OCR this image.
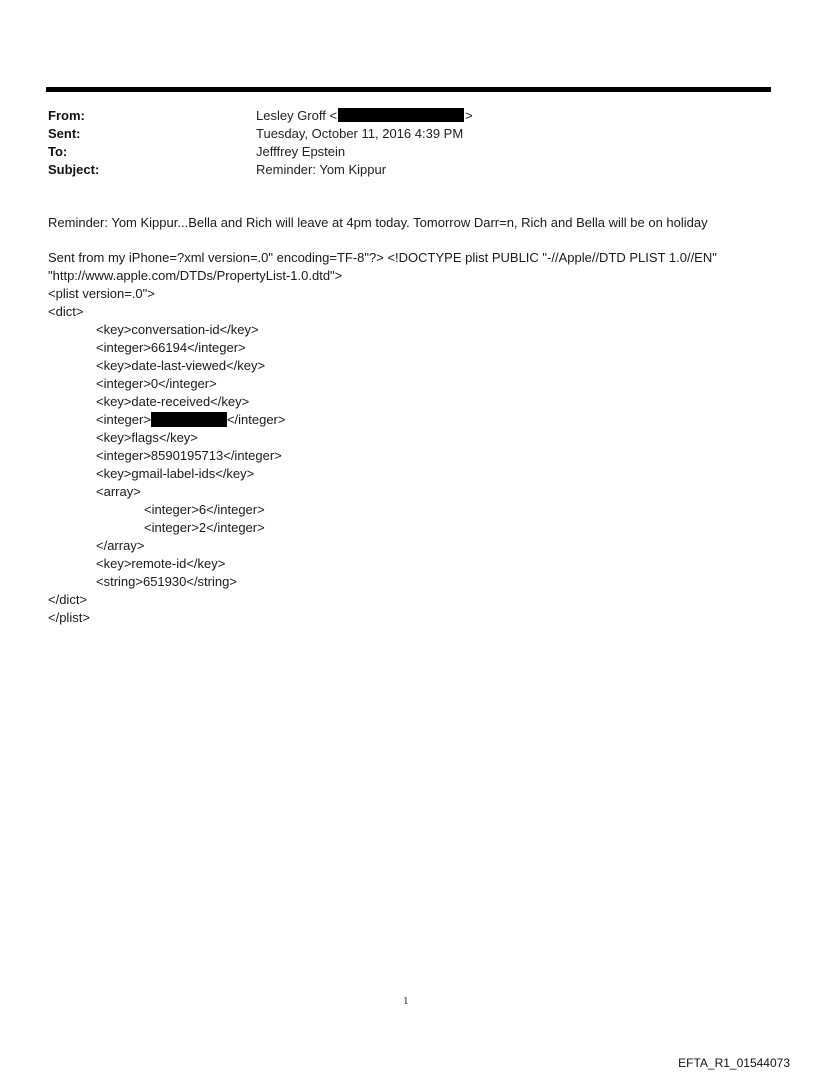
From:	Lesley Groff <	>
Sent:	Tuesday, October 11, 2016 4:39 PM
To:	Jefffrey Epstein
Subject:	Reminder: Yom Kippur
Reminder: Yom Kippur...Bella and Rich will leave at 4pm today. Tomorrow Darr=n, Rich and Bella will be on holiday
Sent from my iPhone=?xml version=.0" encoding=TF-8"?> <!DOCTYPE plist PUBLIC "-//Apple//DTD PLIST 1.0//EN"
"http://www.apple.com/DTDs/PropertyList-1.0.dtd">
<plist version=.0">
<dict>
<key>conversation-id</key>
<integer>66194</integer>
<key>date-last-viewed</key>
<integer>0</integer>
<key>date-received</key>
<integer>	</integer>
<key>flags</key>
<integer>8590195713</integer>
<key>gmail-label-ids</key>
<array>
<integer>6</integer>
<integer>2</integer>
</array>
<key>remote-id</key>
<string>651930</string>
</dict>
</plist>
1
EFTA_R1_01544073
